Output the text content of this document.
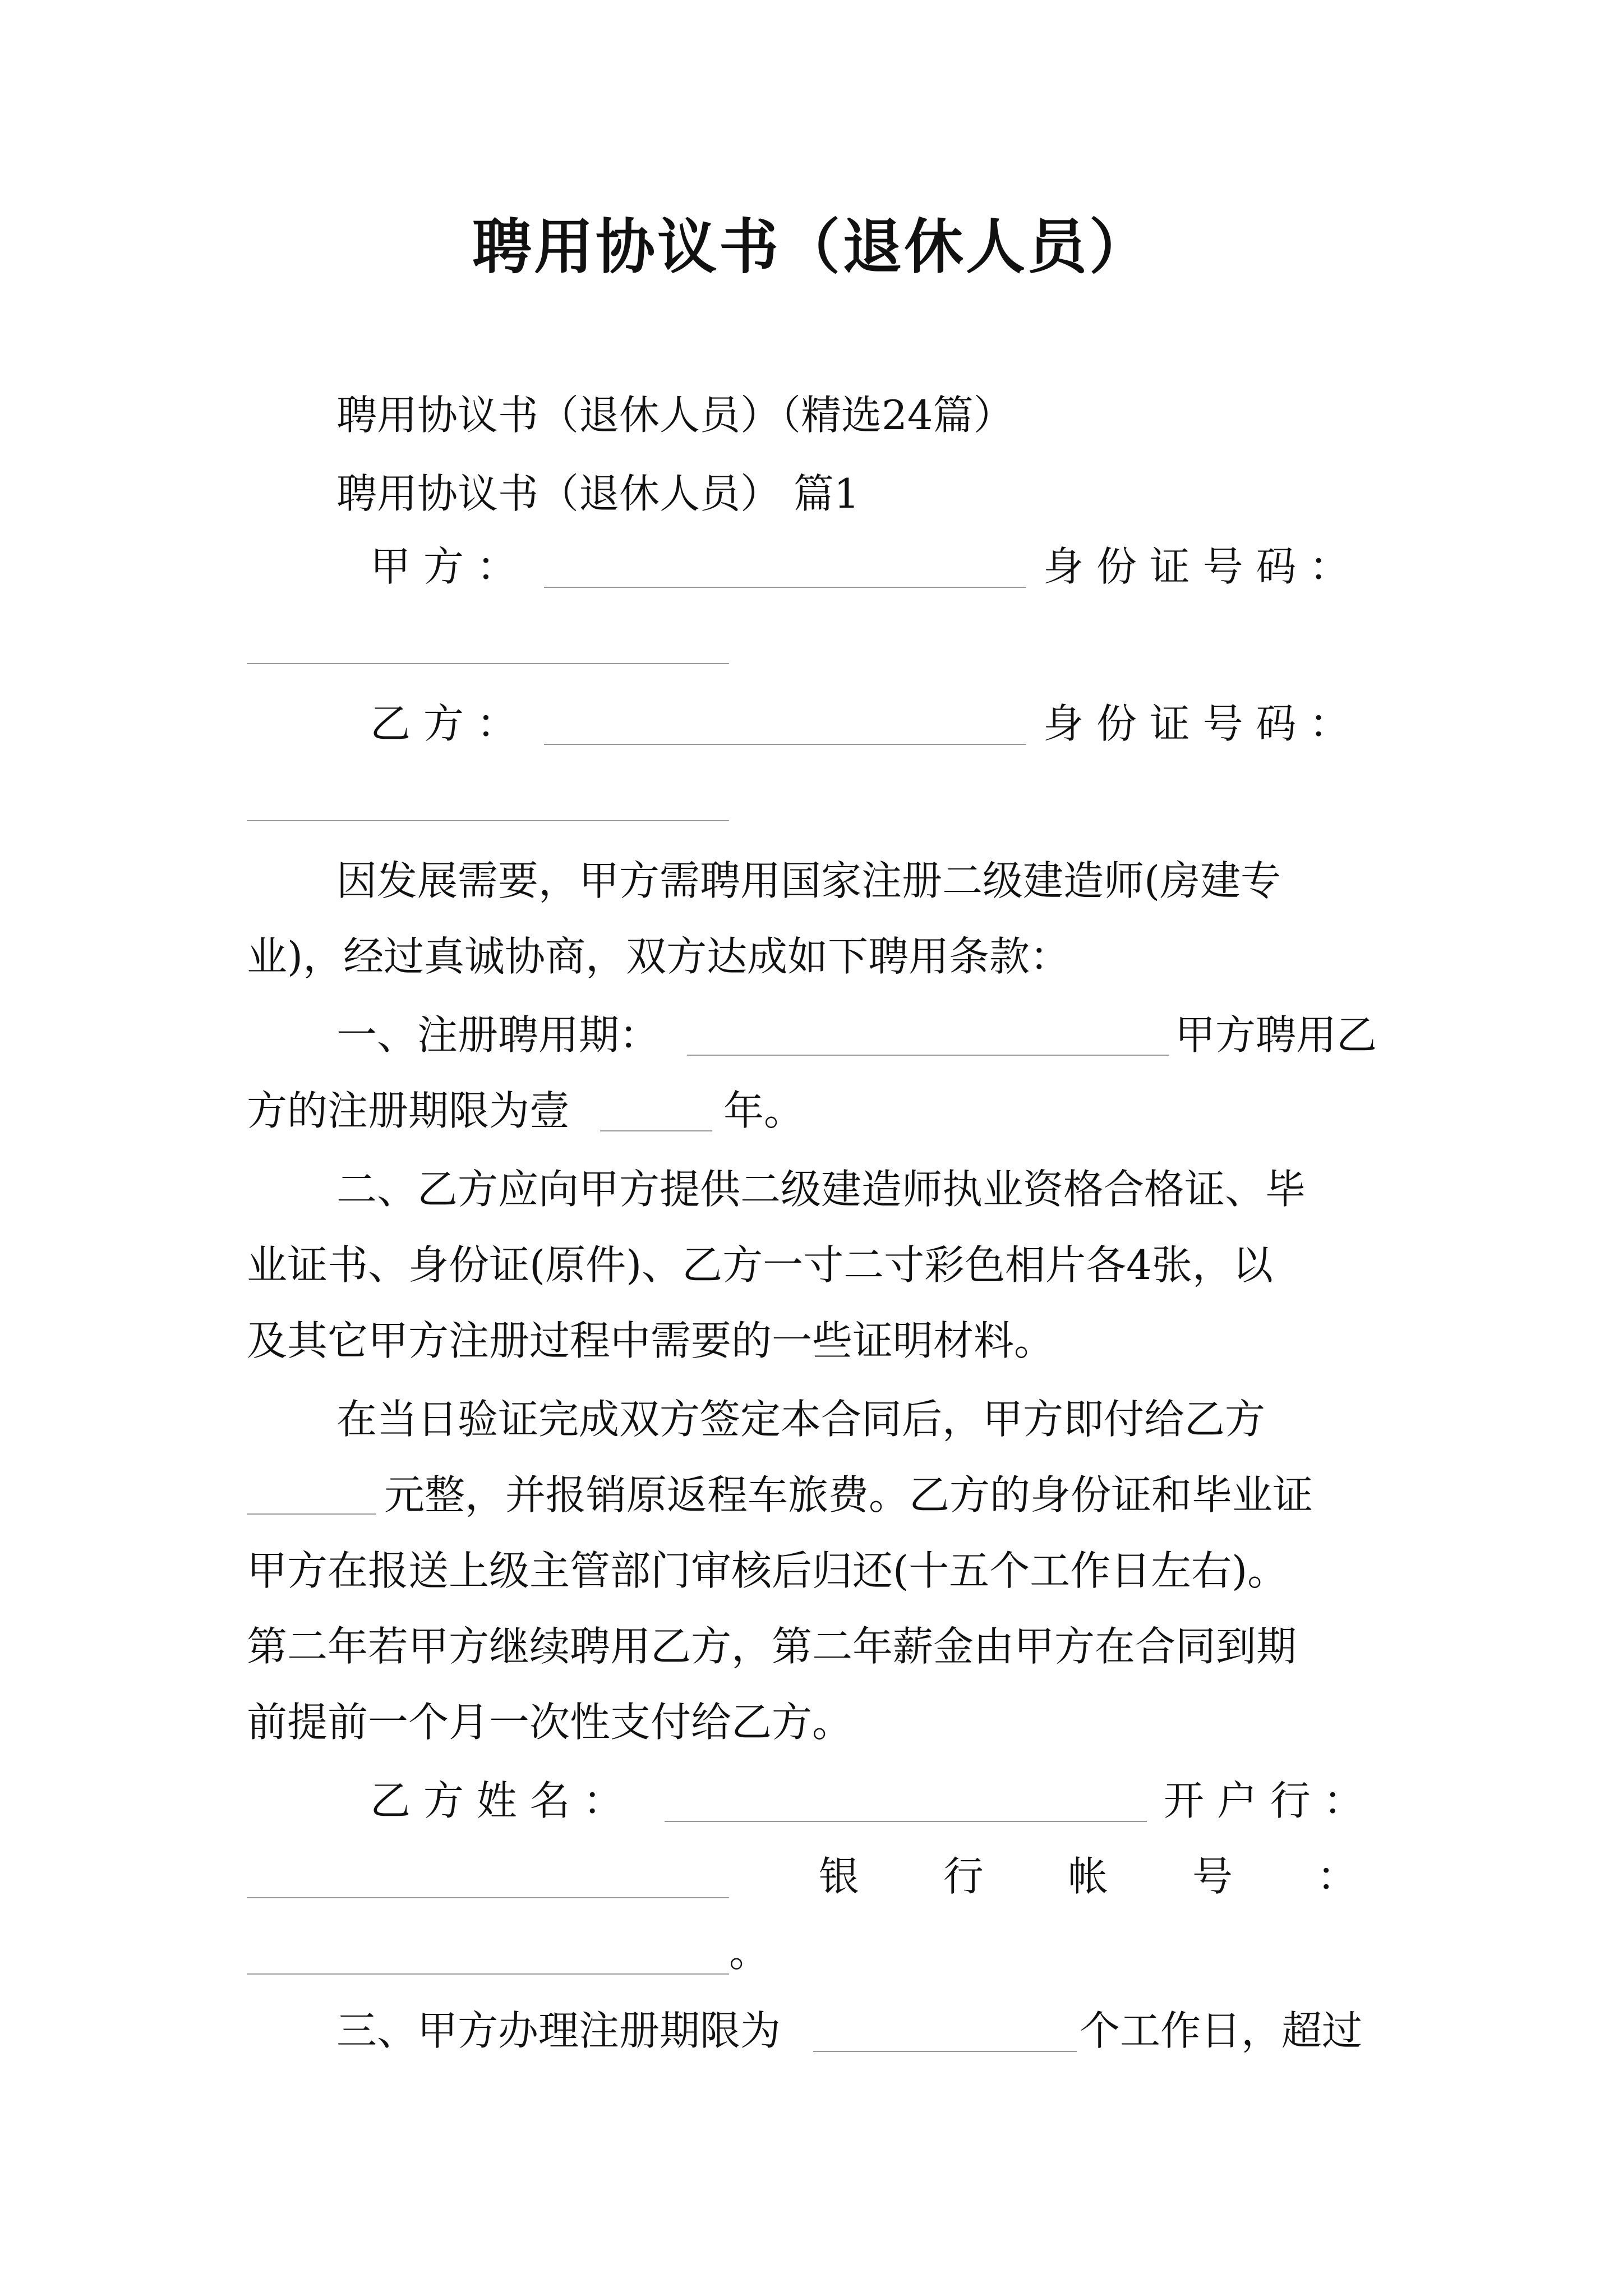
聘用协议书（退休人员）
聘用协议书（退休人员）（精选24篇）
聘用协议书（退休人员） 篇1
甲 方 ：	身 份 证 号 码 ：
乙 方 ：	身 份 证 号 码 ：
因发展需要，甲方需聘用国家注册二级建造师(房建专
业)，经过真诚协商，双方达成如下聘用条款：
一、注册聘用期：	甲方聘用乙
方的注册期限为壹	年。
二、乙方应向甲方提供二级建造师执业资格合格证、毕
业证书、身份证(原件)、乙方一寸二寸彩色相片各4张，以
及其它甲方注册过程中需要的一些证明材料。
在当日验证完成双方签定本合同后，甲方即付给乙方
元整，并报销原返程车旅费。乙方的身份证和毕业证
甲方在报送上级主管部门审核后归还(十五个工作日左右)。
第二年若甲方继续聘用乙方，第二年薪金由甲方在合同到期
前提前一个月一次性支付给乙方。
乙 方 姓 名 ：	开 户 行 ：
银 行 帐 号 ：
。
三、甲方办理注册期限为	个工作日，超过
